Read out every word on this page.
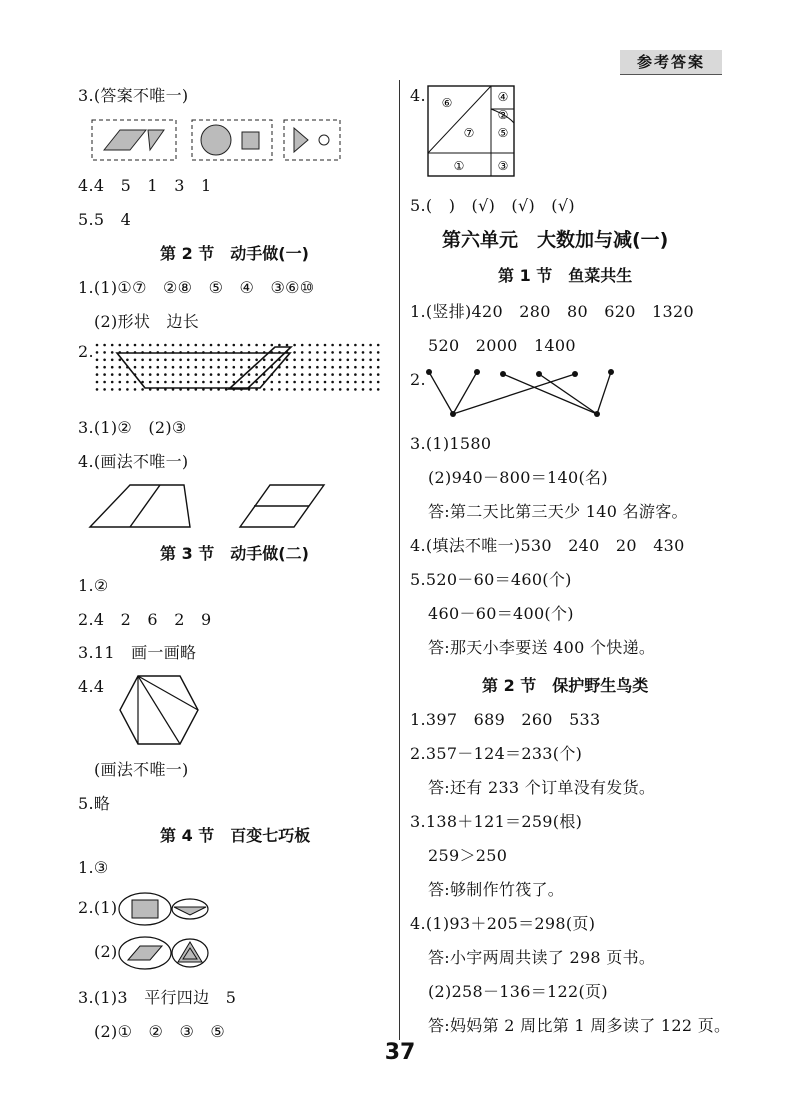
参考答案
3.(答案不唯一)
4.4　5　1　3　1
5.5　4
第 2 节　动手做(一)
1.(1)①⑦　②⑧　⑤　④　③⑥⑩
(2)形状　边长
2.
3.(1)②　(2)③
4.(画法不唯一)
第 3 节　动手做(二)
1.②
2.4　2　6　2　9
3.11　画一画略
4.4
(画法不唯一)
5.略
第 4 节　百变七巧板
1.③
2.(1)
(2)
3.(1)3　平行四边　5
(2)①　②　③　⑤
4. ⑥	④
⑦ ⑤
②
①	③
5.(　)　(√)　(√)　(√)
第六单元　大数加与减(一)
第 1 节　鱼菜共生
1.(竖排)420　280　80　620　1320
520　2000　1400
2.
3.(1)1580
(2)940－800＝140(名)
答:第二天比第三天少 140 名游客。
4.(填法不唯一)530　240　20　430
5.520－60＝460(个)
460－60＝400(个)
答:那天小李要送 400 个快递。
第 2 节　保护野生鸟类
1.397　689　260　533
2.357－124＝233(个)
答:还有 233 个订单没有发货。
3.138＋121＝259(根)
259＞250
答:够制作竹筏了。
4.(1)93＋205＝298(页)
答:小宇两周共读了 298 页书。
(2)258－136＝122(页)
答:妈妈第 2 周比第 1 周多读了 122 页。
37
